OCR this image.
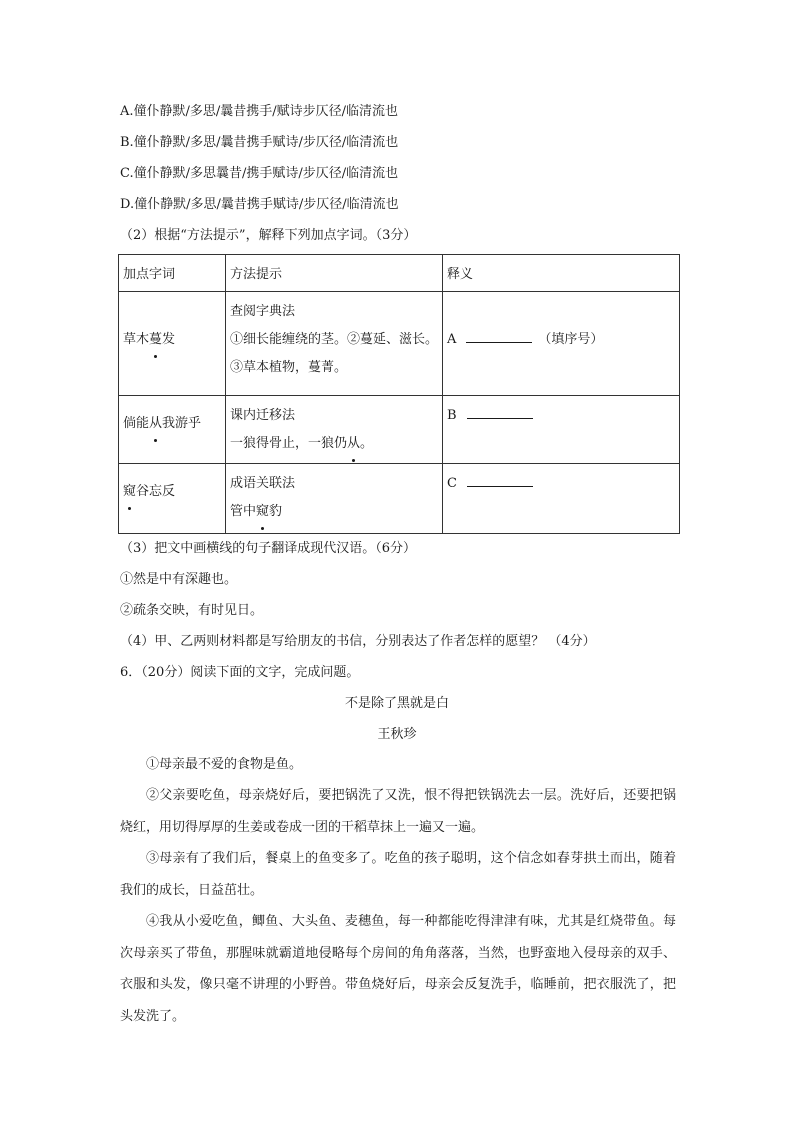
A.僮仆静默/多思/曩昔携手/赋诗步仄径/临清流也
B.僮仆静默/多思/曩昔携手赋诗/步仄径/临清流也
C.僮仆静默/多思曩昔/携手赋诗/步仄径/临清流也
D.僮仆静默/多思/曩昔携手赋诗/步仄径/临清流也
（2）根据“方法提示”，解释下列加点字词。（3分）
加点字词	方法提示	释义
草木蔓发	查阅字典法
①细长能缠绕的茎。②蔓延、滋长。
③草本植物，蔓菁。	A （填序号）
倘能从我游乎	课内迁移法
一狼得骨止，一狼仍从。	B
窥谷忘反	成语关联法
管中窥豹	C
（3）把文中画横线的句子翻译成现代汉语。（6分）
①然是中有深趣也。
②疏条交映，有时见日。
（4）甲、乙两则材料都是写给朋友的书信，分别表达了作者怎样的愿望？ （4分）
6．（20分）阅读下面的文字，完成问题。
不是除了黑就是白
王秋珍
①母亲最不爱的食物是鱼。
②父亲要吃鱼，母亲烧好后，要把锅洗了又洗，恨不得把铁锅洗去一层。洗好后，还要把锅烧红，用切得厚厚的生姜或卷成一团的干稻草抹上一遍又一遍。
③母亲有了我们后，餐桌上的鱼变多了。吃鱼的孩子聪明，这个信念如春芽拱土而出，随着我们的成长，日益茁壮。
④我从小爱吃鱼，鲫鱼、大头鱼、麦穗鱼，每一种都能吃得津津有味，尤其是红烧带鱼。每次母亲买了带鱼，那腥味就霸道地侵略每个房间的角角落落，当然，也野蛮地入侵母亲的双手、衣服和头发，像只毫不讲理的小野兽。带鱼烧好后，母亲会反复洗手，临睡前，把衣服洗了，把头发洗了。
